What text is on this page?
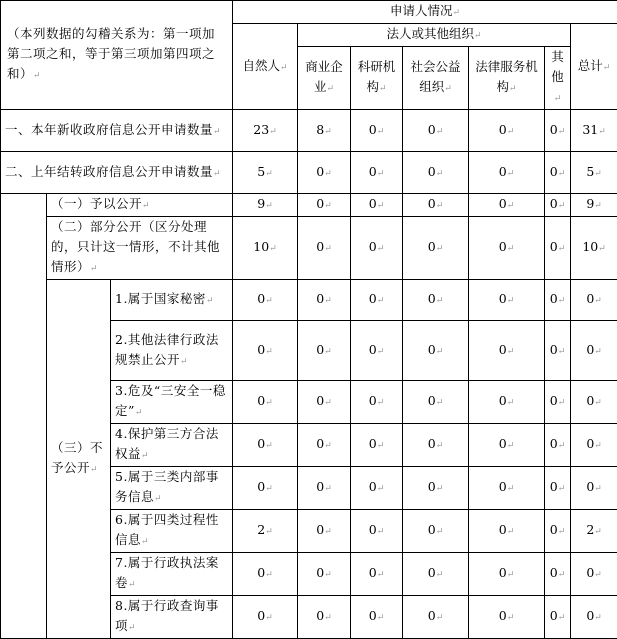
（本列数据的勾稽关系为：第一项加第二项之和，等于第三项加第四项之和） ↵			申请人情况 ↵
			自然人 ↵	法人或其他组织 ↵					总计 ↵
				商业企业 ↵	科研机构 ↵	社会公益组织 ↵	法律服务机构 ↵	其他 ↵
一、本年新收政府信息公开申请数量 ↵			23 ↵	8 ↵	0 ↵	0 ↵	0 ↵	0 ↵	31 ↵
二、上年结转政府信息公开申请数量 ↵			5 ↵	0 ↵	0 ↵	0 ↵	0 ↵	0 ↵	5 ↵
	（一）予以公开 ↵		9 ↵	0 ↵	0 ↵	0 ↵	0 ↵	0 ↵	9 ↵
	（二）部分公开（区分处理的，只计这一情形，不计其他情形） ↵		10 ↵	0 ↵	0 ↵	0 ↵	0 ↵	0 ↵	10 ↵
	（三）不予公开 ↵	1.属于国家秘密 ↵	0 ↵	0 ↵	0 ↵	0 ↵	0 ↵	0 ↵	0 ↵
		2.其他法律行政法规禁止公开 ↵	0 ↵	0 ↵	0 ↵	0 ↵	0 ↵	0 ↵	0 ↵
		3.危及“三安全一稳定” ↵	0 ↵	0 ↵	0 ↵	0 ↵	0 ↵	0 ↵	0 ↵
		4.保护第三方合法权益 ↵	0 ↵	0 ↵	0 ↵	0 ↵	0 ↵	0 ↵	0 ↵
		5.属于三类内部事务信息 ↵	0 ↵	0 ↵	0 ↵	0 ↵	0 ↵	0 ↵	0 ↵
		6.属于四类过程性信息 ↵	2 ↵	0 ↵	0 ↵	0 ↵	0 ↵	0 ↵	2 ↵
		7.属于行政执法案卷 ↵	0 ↵	0 ↵	0 ↵	0 ↵	0 ↵	0 ↵	0 ↵
		8.属于行政查询事项 ↵	0 ↵	0 ↵	0 ↵	0 ↵	0 ↵	0 ↵	0 ↵
